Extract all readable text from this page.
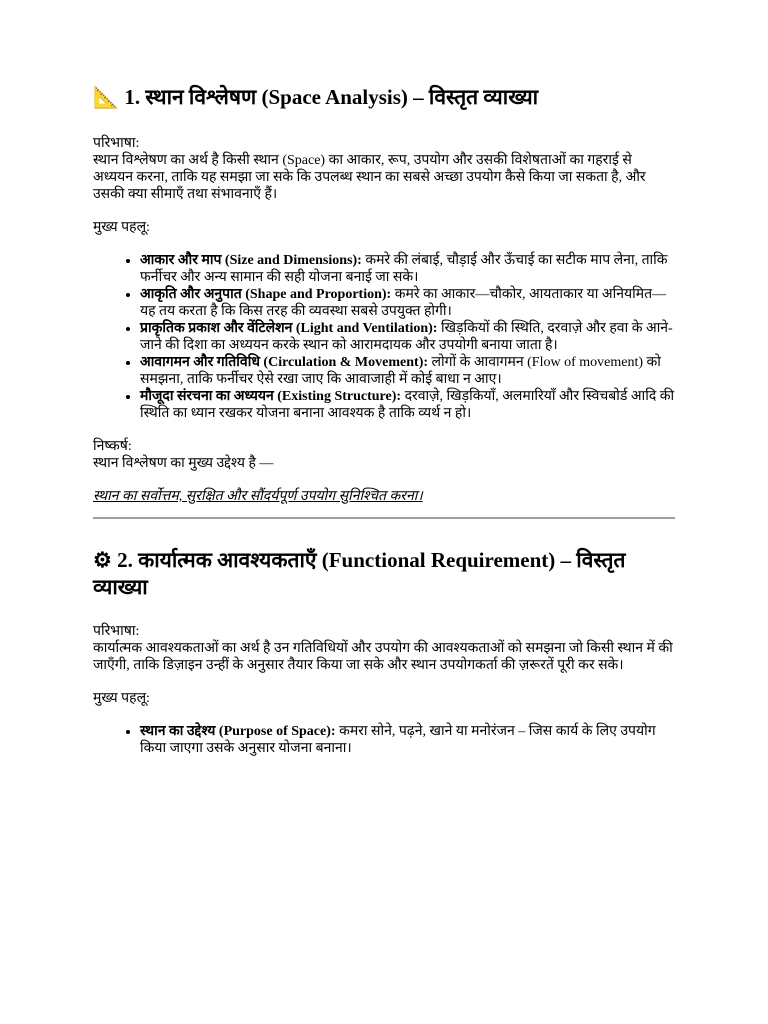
📐 1. स्थान विश्लेषण (Space Analysis) – विस्तृत व्याख्या
परिभाषा:

स्थान विश्लेषण का अर्थ है किसी स्थान (Space) का आकार, रूप, उपयोग और उसकी विशेषताओं का गहराई से अध्ययन करना, ताकि यह समझा जा सके कि उपलब्ध स्थान का सबसे अच्छा उपयोग कैसे किया जा सकता है, और उसकी क्या सीमाएँ तथा संभावनाएँ हैं।

मुख्य पहलू:
• आकार और माप (Size and Dimensions): कमरे की लंबाई, चौड़ाई और ऊँचाई का सटीक माप लेना, ताकि फर्नीचर और अन्य सामान की सही योजना बनाई जा सके।
• आकृति और अनुपात (Shape and Proportion): कमरे का आकार—चौकोर, आयताकार या अनियमित—यह तय करता है कि किस तरह की व्यवस्था सबसे उपयुक्त होगी।
• प्राकृतिक प्रकाश और वेंटिलेशन (Light and Ventilation): खिड़कियों की स्थिति, दरवाज़े और हवा के आने-जाने की दिशा का अध्ययन करके स्थान को आरामदायक और उपयोगी बनाया जाता है।
• आवागमन और गतिविधि (Circulation & Movement): लोगों के आवागमन (Flow of movement) को समझना, ताकि फर्नीचर ऐसे रखा जाए कि आवाजाही में कोई बाधा न आए।
• मौजूदा संरचना का अध्ययन (Existing Structure): दरवाज़े, खिड़कियाँ, अलमारियाँ और स्विचबोर्ड आदि की स्थिति का ध्यान रखकर योजना बनाना आवश्यक है ताकि व्यर्थ न हो।
निष्कर्ष:
स्थान विश्लेषण का मुख्य उद्देश्य है —
स्थान का सर्वोत्तम, सुरक्षित और सौंदर्यपूर्ण उपयोग सुनिश्चित करना।
⚙ 2. कार्यात्मक आवश्यकताएँ (Functional Requirement) – विस्तृत व्याख्या
परिभाषा:

कार्यात्मक आवश्यकताओं का अर्थ है उन गतिविधियों और उपयोग की आवश्यकताओं को समझना जो किसी स्थान में की जाएँगी, ताकि डिज़ाइन उन्हीं के अनुसार तैयार किया जा सके और स्थान उपयोगकर्ता की ज़रूरतें पूरी कर सके।

मुख्य पहलू:
• स्थान का उद्देश्य (Purpose of Space): कमरा सोने, पढ़ने, खाने या मनोरंजन – जिस कार्य के लिए उपयोग किया जाएगा उसके अनुसार योजना बनाना।
